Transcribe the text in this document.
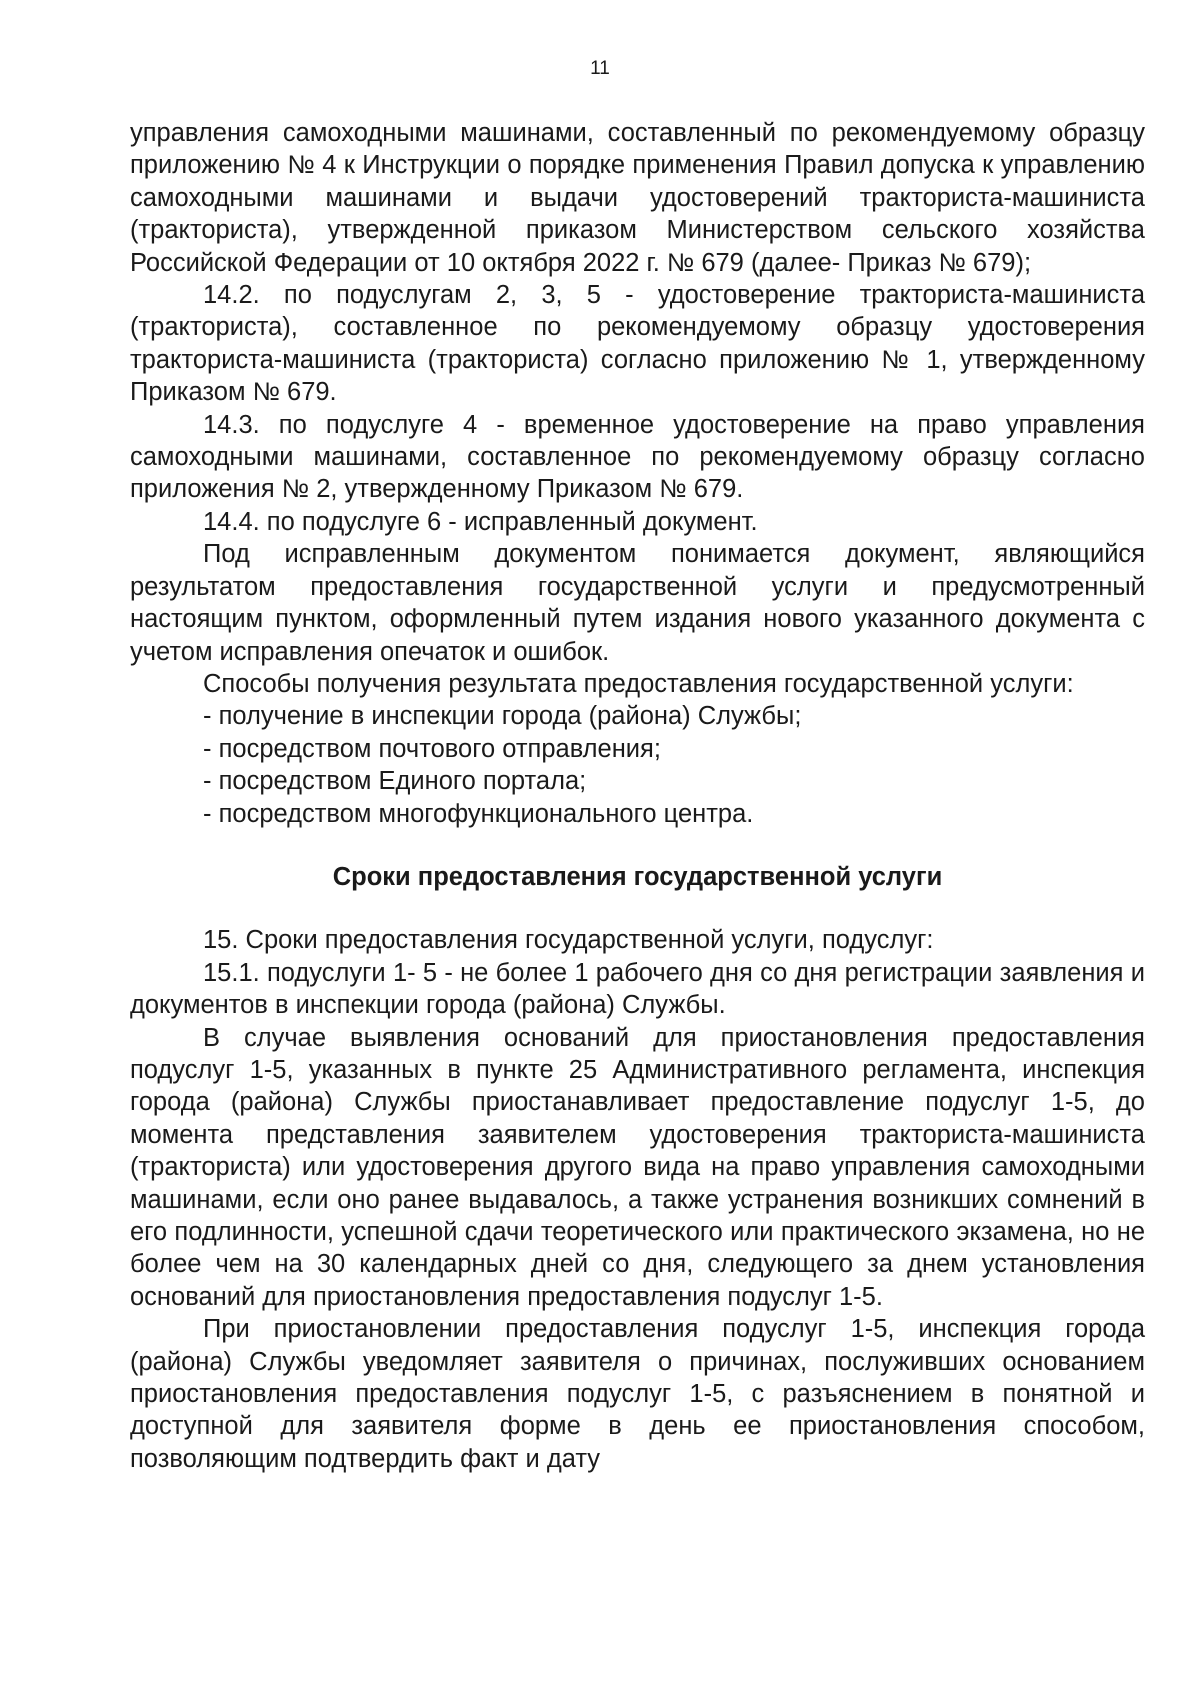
11

управления самоходными машинами, составленный по рекомендуемому образцу приложению № 4 к Инструкции о порядке применения Правил допуска к управлению самоходными машинами и выдачи удостоверений тракториста-машиниста (тракториста), утвержденной приказом Министерством сельского хозяйства Российской Федерации от 10 октября 2022 г. № 679 (далее- Приказ № 679);

14.2. по подуслугам 2, 3, 5 - удостоверение тракториста-машиниста (тракториста), составленное по рекомендуемому образцу удостоверения тракториста-машиниста (тракториста) согласно приложению № 1, утвержденному Приказом № 679.

14.3. по подуслуге 4 - временное удостоверение на право управления самоходными машинами, составленное по рекомендуемому образцу согласно приложения № 2, утвержденному Приказом № 679.

14.4. по подуслуге 6 - исправленный документ.

Под исправленным документом понимается документ, являющийся результатом предоставления государственной услуги и предусмотренный настоящим пунктом, оформленный путем издания нового указанного документа с учетом исправления опечаток и ошибок.

Способы получения результата предоставления государственной услуги:

- получение в инспекции города (района) Службы;

- посредством почтового отправления;

- посредством Единого портала;

- посредством многофункционального центра.

Сроки предоставления государственной услуги

15. Сроки предоставления государственной услуги, подуслуг:

15.1. подуслуги 1- 5 - не более 1 рабочего дня со дня регистрации заявления и документов в инспекции города (района) Службы.

В случае выявления оснований для приостановления предоставления подуслуг 1-5, указанных в пункте 25 Административного регламента, инспекция города (района) Службы приостанавливает предоставление подуслуг 1-5, до момента представления заявителем удостоверения тракториста-машиниста (тракториста) или удостоверения другого вида на право управления самоходными машинами, если оно ранее выдавалось, а также устранения возникших сомнений в его подлинности, успешной сдачи теоретического или практического экзамена, но не более чем на 30 календарных дней со дня, следующего за днем установления оснований для приостановления предоставления подуслуг 1-5.

При приостановлении предоставления подуслуг 1-5, инспекция города (района) Службы уведомляет заявителя о причинах, послуживших основанием приостановления предоставления подуслуг 1-5, с разъяснением в понятной и доступной для заявителя форме в день ее приостановления способом, позволяющим подтвердить факт и дату
